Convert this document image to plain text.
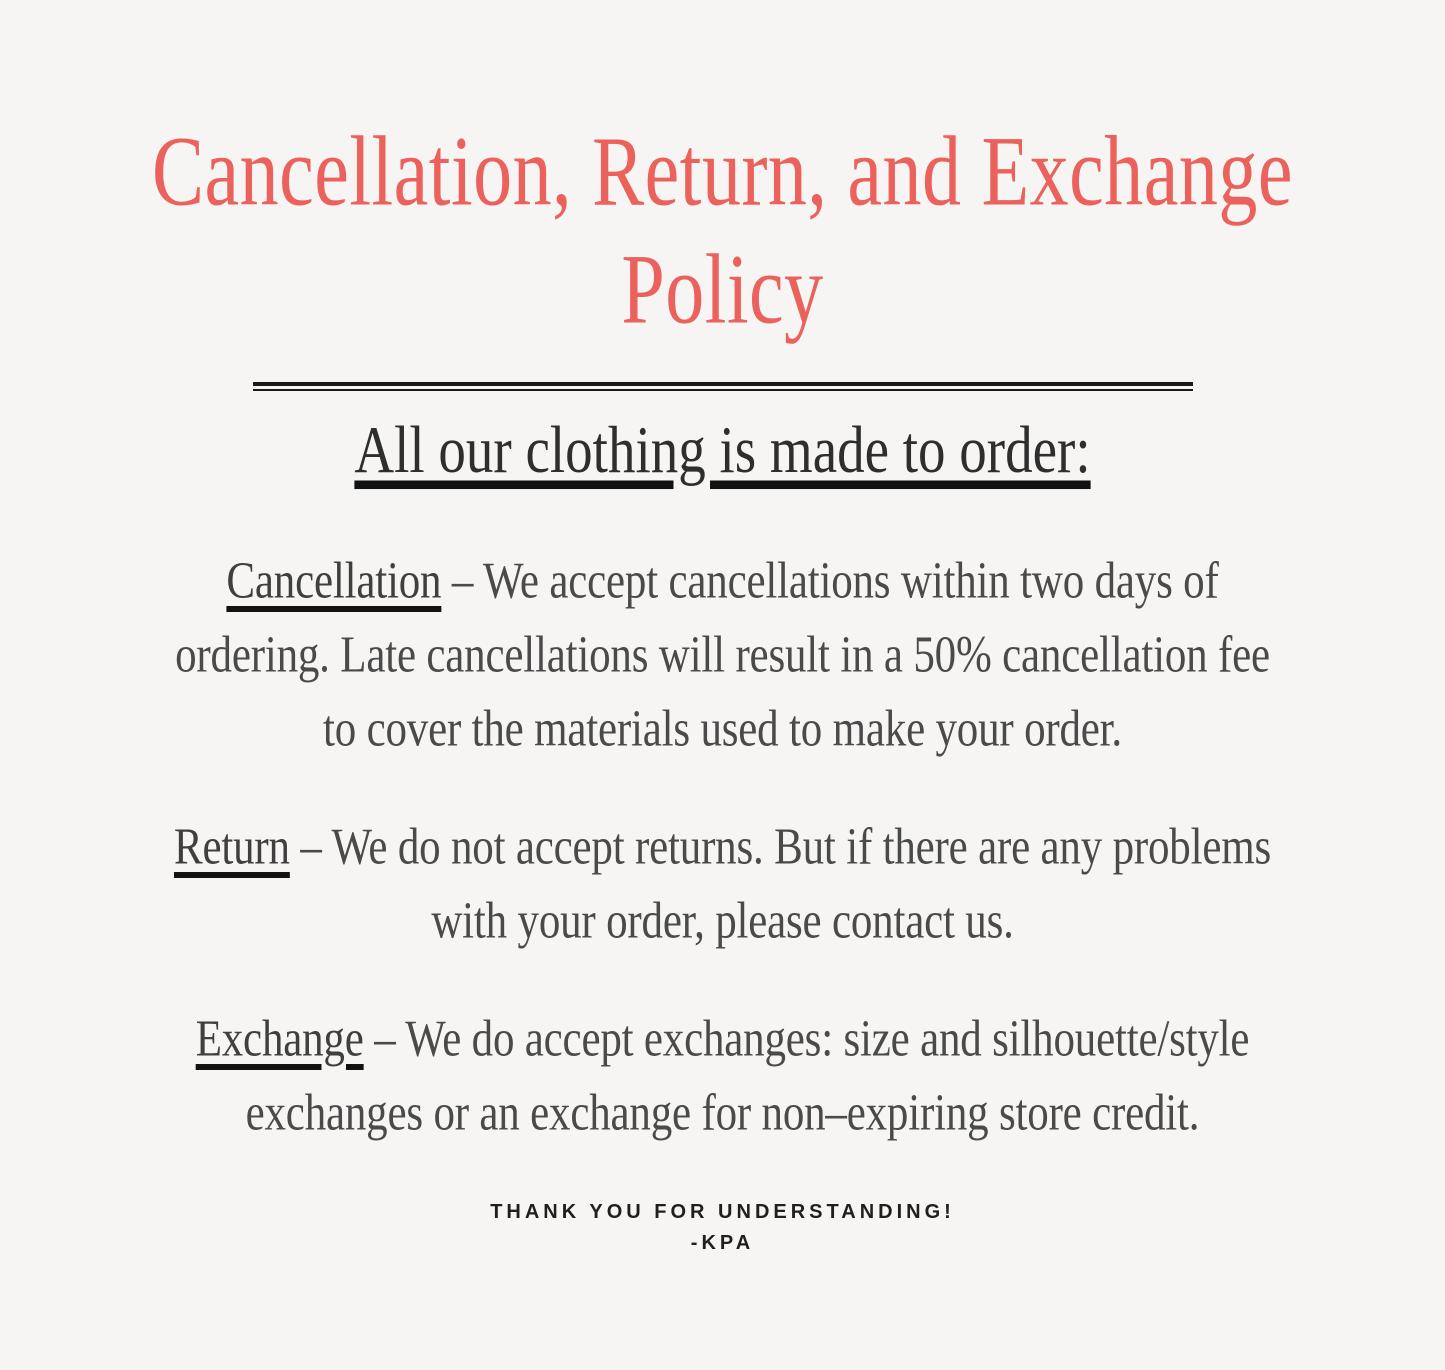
Cancellation, Return, and Exchange
Policy
All our clothing is made to order:

Cancellation – We accept cancellations within two days of

ordering. Late cancellations will result in a 50% cancellation fee

to cover the materials used to make your order.

Return – We do not accept returns. But if there are any problems

with your order, please contact us.

Exchange – We do accept exchanges: size and silhouette/style

exchanges or an exchange for non–expiring store credit.

THANK YOU FOR UNDERSTANDING!
-KPA
